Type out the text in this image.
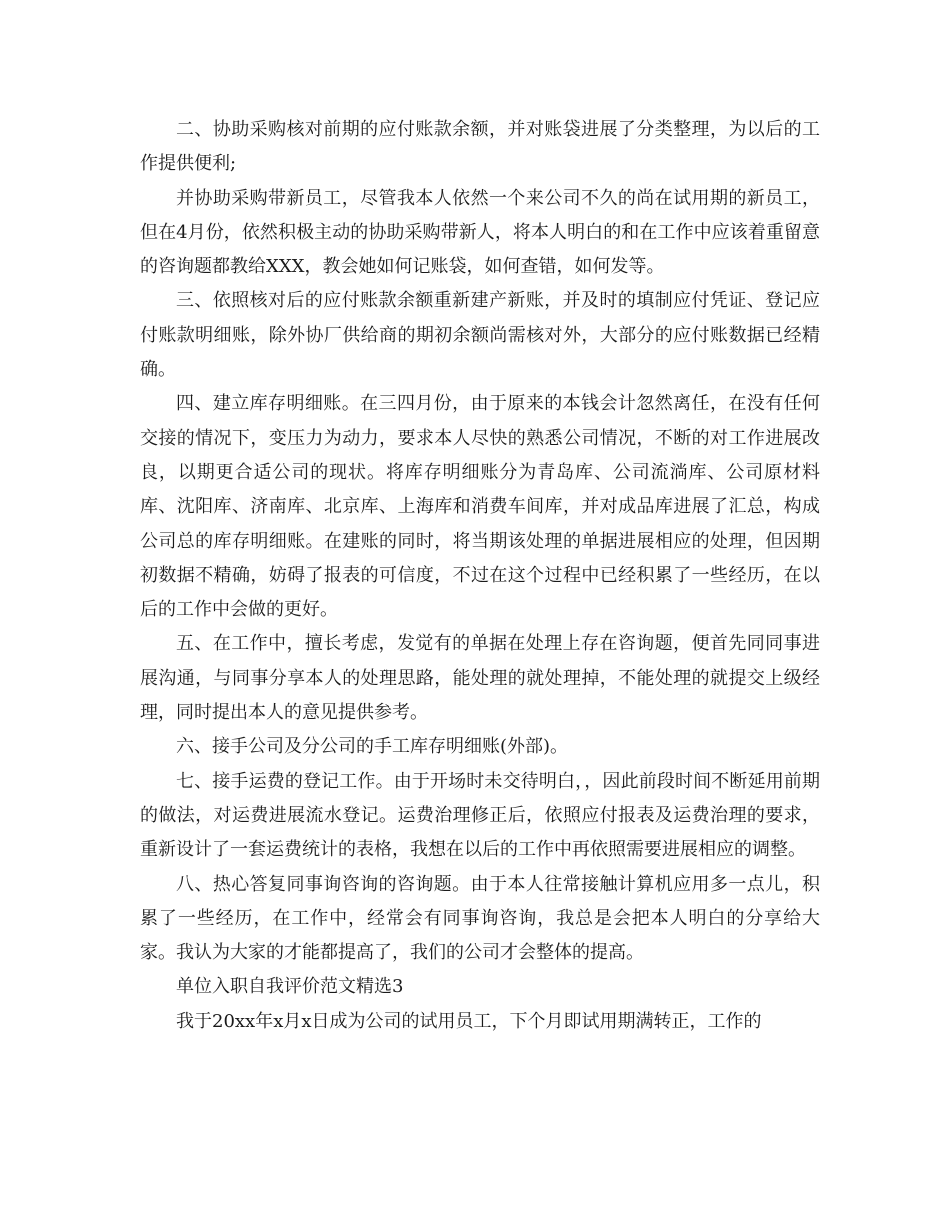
二、协助采购核对前期的应付账款余额，并对账袋进展了分类整理，为以后的工作提供便利;

并协助采购带新员工，尽管我本人依然一个来公司不久的尚在试用期的新员工，但在4月份，依然积极主动的协助采购带新人，将本人明白的和在工作中应该着重留意的咨询题都教给XXX，教会她如何记账袋，如何查错，如何发等。

三、依照核对后的应付账款余额重新建产新账，并及时的填制应付凭证、登记应付账款明细账，除外协厂供给商的期初余额尚需核对外，大部分的应付账数据已经精确。

四、建立库存明细账。在三四月份，由于原来的本钱会计忽然离任，在没有任何交接的情况下，变压力为动力，要求本人尽快的熟悉公司情况，不断的对工作进展改良，以期更合适公司的现状。将库存明细账分为青岛库、公司流淌库、公司原材料库、沈阳库、济南库、北京库、上海库和消费车间库，并对成品库进展了汇总，构成公司总的库存明细账。在建账的同时，将当期该处理的单据进展相应的处理，但因期初数据不精确，妨碍了报表的可信度，不过在这个过程中已经积累了一些经历，在以后的工作中会做的更好。

五、在工作中，擅长考虑，发觉有的单据在处理上存在咨询题，便首先同同事进展沟通，与同事分享本人的处理思路，能处理的就处理掉，不能处理的就提交上级经理，同时提出本人的意见提供参考。

六、接手公司及分公司的手工库存明细账(外部)。

七、接手运费的登记工作。由于开场时未交待明白，，因此前段时间不断延用前期的做法，对运费进展流水登记。运费治理修正后，依照应付报表及运费治理的要求，重新设计了一套运费统计的表格，我想在以后的工作中再依照需要进展相应的调整。

八、热心答复同事询咨询的咨询题。由于本人往常接触计算机应用多一点儿，积累了一些经历，在工作中，经常会有同事询咨询，我总是会把本人明白的分享给大家。我认为大家的才能都提高了，我们的公司才会整体的提高。

单位入职自我评价范文精选3

我于20xx年x月x日成为公司的试用员工，下个月即试用期满转正，工作的
